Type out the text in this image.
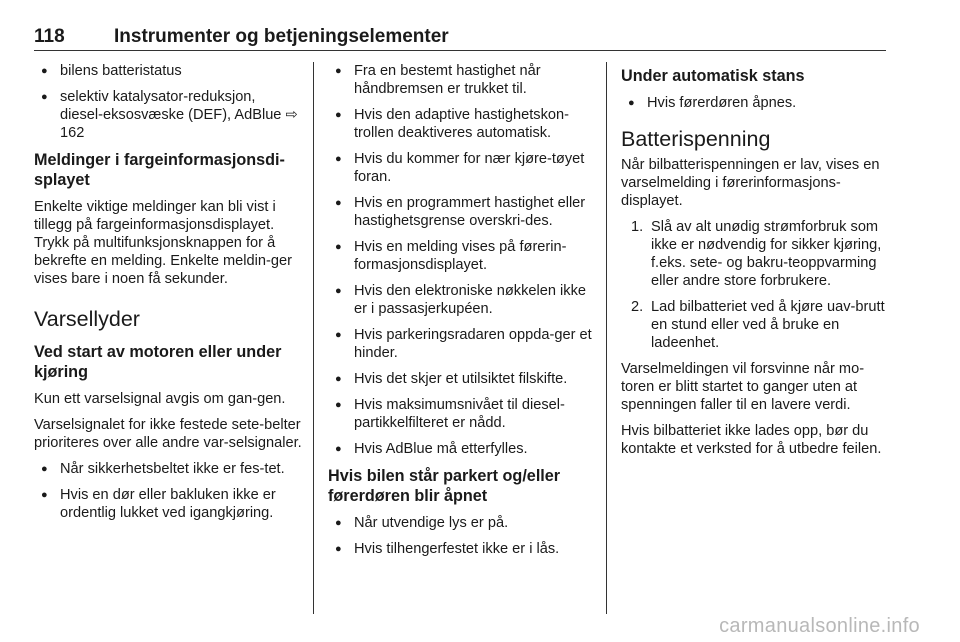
118	Instrumenter og betjeningselementer
● bilens batteristatus
● selektiv katalysator-reduksjon, diesel-eksosvæske (DEF), AdBlue ⇨ 162
Meldinger i fargeinformasjonsdi-splayet

Enkelte viktige meldinger kan bli vist i tillegg på fargeinformasjonsdisplayet. Trykk på multifunksjonsknappen for å bekrefte en melding. Enkelte meldin-ger vises bare i noen få sekunder.

Varsellyder
Ved start av motoren eller under kjøring

Kun ett varselsignal avgis om gan-gen.

Varselsignalet for ikke festede sete-belter prioriteres over alle andre var-selsignaler.

● Når sikkerhetsbeltet ikke er fes-tet.
● Hvis en dør eller bakluken ikke er ordentlig lukket ved igangkjøring.
● Fra en bestemt hastighet når håndbremsen er trukket til.
● Hvis den adaptive hastighetskon-trollen deaktiveres automatisk.
● Hvis du kommer for nær kjøre-tøyet foran.
● Hvis en programmert hastighet eller hastighetsgrense overskri-des.
● Hvis en melding vises på førerin-formasjonsdisplayet.
● Hvis den elektroniske nøkkelen ikke er i passasjerkupéen.
● Hvis parkeringsradaren oppda-ger et hinder.
● Hvis det skjer et utilsiktet filskifte.
● Hvis maksimumsnivået til diesel-partikkelfilteret er nådd.
● Hvis AdBlue må etterfylles.
Hvis bilen står parkert og/eller førerdøren blir åpnet
● Når utvendige lys er på.
● Hvis tilhengerfestet ikke er i lås.
Under automatisk stans
● Hvis førerdøren åpnes.
Batterispenning

Når bilbatterispenningen er lav, vises en varselmelding i førerinformasjons-displayet.

1. Slå av alt unødig strømforbruk som ikke er nødvendig for sikker kjøring, f.eks. sete- og bakru-teoppvarming eller andre store forbrukere.
2. Lad bilbatteriet ved å kjøre uav-brutt en stund eller ved å bruke en ladeenhet.

Varselmeldingen vil forsvinne når mo-toren er blitt startet to ganger uten at spenningen faller til en lavere verdi.

Hvis bilbatteriet ikke lades opp, bør du kontakte et verksted for å utbedre feilen.

carmanualsonline.info
